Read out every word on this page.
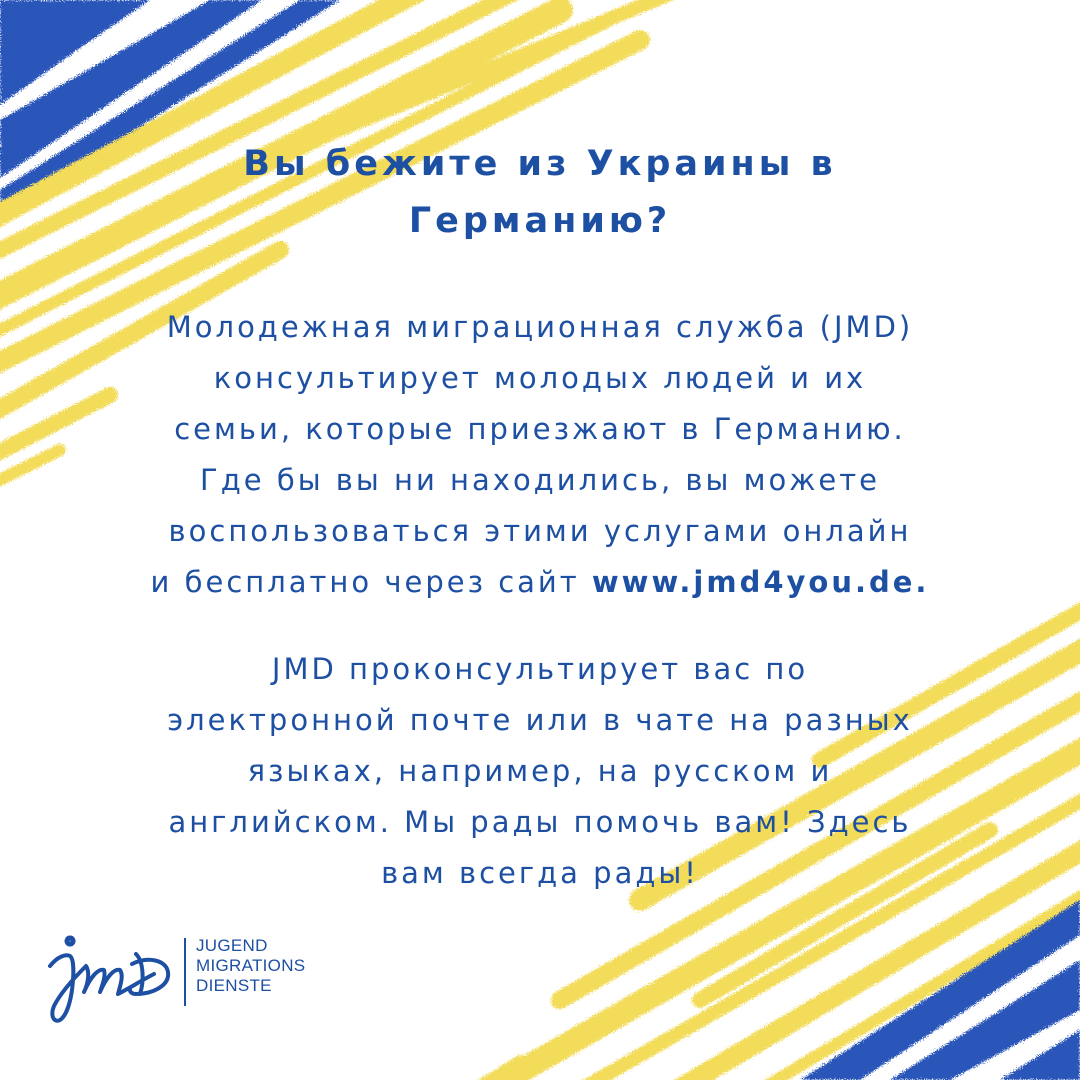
Вы бежите из Украины в
Германию?

Молодежная миграционная служба (JMD)
консультирует молодых людей и их
семьи, которые приезжают в Германию.
Где бы вы ни находились, вы можете
воспользоваться этими услугами онлайн
и бесплатно через сайт www.jmd4you.de.

JMD проконсультирует вас по
электронной почте или в чате на разных
языках, например, на русском и
английском. Мы рады помочь вам! Здесь
вам всегда рады!

JUGEND
MIGRATIONS
DIENSTE
